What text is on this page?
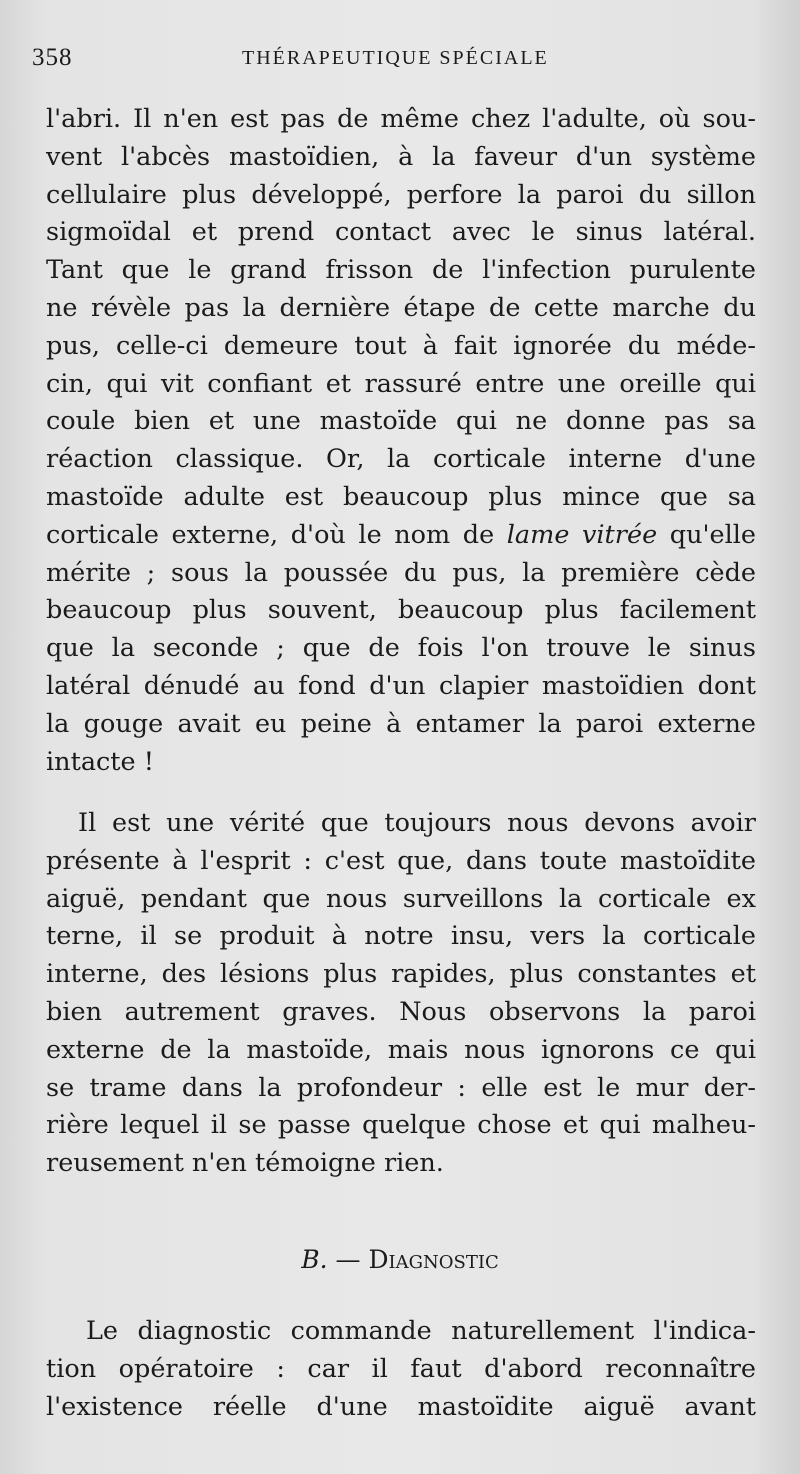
358	THÉRAPEUTIQUE SPÉCIALE
l'abri. Il n'en est pas de même chez l'adulte, où sou-
vent l'abcès mastoïdien, à la faveur d'un système
cellulaire plus développé, perfore la paroi du sillon
sigmoïdal et prend contact avec le sinus latéral.
Tant que le grand frisson de l'infection purulente
ne révèle pas la dernière étape de cette marche du
pus, celle-ci demeure tout à fait ignorée du méde-
cin, qui vit confiant et rassuré entre une oreille qui
coule bien et une mastoïde qui ne donne pas sa
réaction classique. Or, la corticale interne d'une
mastoïde adulte est beaucoup plus mince que sa
corticale externe, d'où le nom de lame vitrée qu'elle
mérite ; sous la poussée du pus, la première cède
beaucoup plus souvent, beaucoup plus facilement
que la seconde ; que de fois l'on trouve le sinus
latéral dénudé au fond d'un clapier mastoïdien dont
la gouge avait eu peine à entamer la paroi externe
intacte !
Il est une vérité que toujours nous devons avoir
présente à l'esprit : c'est que, dans toute mastoïdite
aiguë, pendant que nous surveillons la corticale ex
terne, il se produit à notre insu, vers la corticale
interne, des lésions plus rapides, plus constantes et
bien autrement graves. Nous observons la paroi
externe de la mastoïde, mais nous ignorons ce qui
se trame dans la profondeur : elle est le mur der-
rière lequel il se passe quelque chose et qui malheu-
reusement n'en témoigne rien.
B. — Diagnostic
Le diagnostic commande naturellement l'indica-
tion opératoire : car il faut d'abord reconnaître
l'existence réelle d'une mastoïdite aiguë avant
